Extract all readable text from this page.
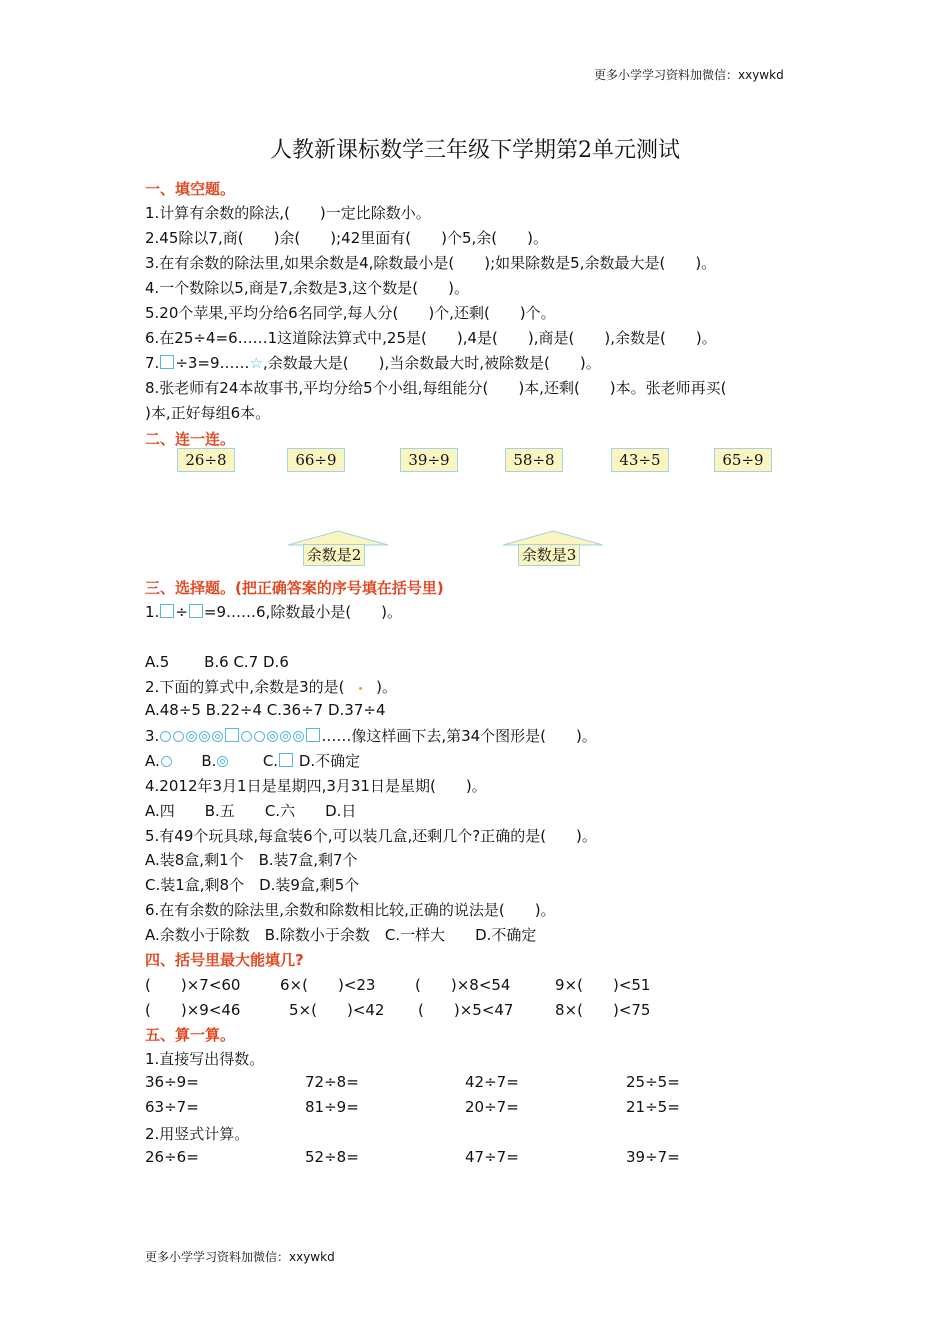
更多小学学习资料加微信：xxywkd
人教新课标数学三年级下学期第2单元测试
一、填空题。
1.计算有余数的除法,(　　)一定比除数小。
2.45除以7,商(　　)余(　　);42里面有(　　)个5,余(　　)。
3.在有余数的除法里,如果余数是4,除数最小是(　　);如果除数是5,余数最大是(　　)。
4.一个数除以5,商是7,余数是3,这个数是(　　)。
5.20个苹果,平均分给6名同学,每人分(　　)个,还剩(　　)个。
6.在25÷4=6……1这道除法算式中,25是(　　),4是(　　),商是(　　),余数是(　　)。
7. ÷3=9……☆,余数最大是(　　),当余数最大时,被除数是(　　)。
8.张老师有24本故事书,平均分给5个小组,每组能分(　　)本,还剩(　　)本。张老师再买(
)本,正好每组6本。
二、连一连。
26÷8	66÷9	39÷9	58÷8	43÷5	65÷9
余数是2	余数是3
三、选择题。(把正确答案的序号填在括号里)
1. ÷ =9……6,除数最小是(　　)。
A.5　　 B.6 C.7 D.6
2.下面的算式中,余数是3的是( )。
A.48÷5 B.22÷4 C.36÷7 D.37÷4
3.	……像这样画下去,第34个图形是(　　)。
A.	B.	C. D.不确定
4.2012年3月1日是星期四,3月31日是星期(　　)。
A.四　　B.五　　C.六　　D.日
5.有49个玩具球,每盒装6个,可以装几盒,还剩几个?正确的是(　　)。
A.装8盒,剩1个　B.装7盒,剩7个
C.装1盒,剩8个　D.装9盒,剩5个
6.在有余数的除法里,余数和除数相比较,正确的说法是(　　)。
A.余数小于除数　B.除数小于余数　C.一样大　　D.不确定
四、括号里最大能填几?
(　　)×7<60	6×(　　)<23	(　　)×8<54	9×(　　)<51
(　　)×9<46	5×(　　)<42 (　　)×5<47	8×(　　)<75
五、算一算。
1.直接写出得数。
36÷9=	72÷8=	42÷7=	25÷5=
63÷7=	81÷9=	20÷7=	21÷5=
2.用竖式计算。
26÷6=	52÷8=	47÷7=	39÷7=
更多小学学习资料加微信：xxywkd
